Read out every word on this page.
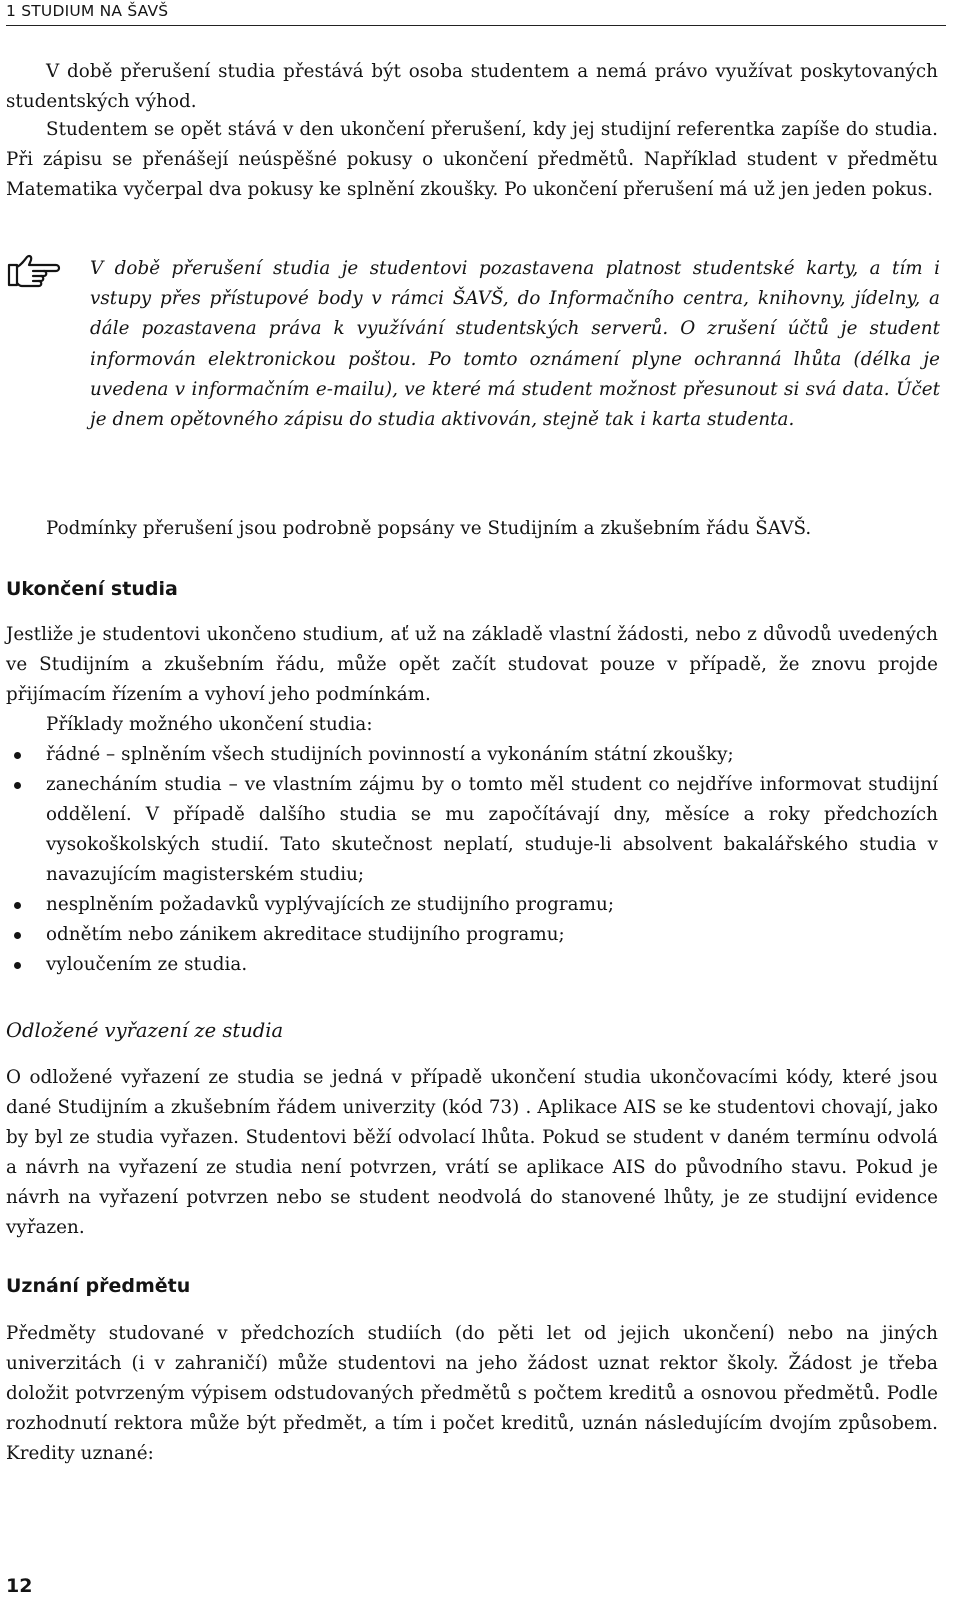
1 STUDIUM NA ŠAVŠ

V době přerušení studia přestává být osoba studentem a nemá právo využívat poskytovaných studentských výhod.

Studentem se opět stává v den ukončení přerušení, kdy jej studijní referentka zapíše do studia. Při zápisu se přenášejí neúspěšné pokusy o ukončení předmětů. Například student v předmětu Matematika vyčerpal dva pokusy ke splnění zkoušky. Po ukončení přerušení má už jen jeden pokus.

V době přerušení studia je studentovi pozastavena platnost studentské karty, a tím i vstupy přes přístupové body v rámci ŠAVŠ, do Informačního centra, knihovny, jídelny, a dále pozastavena práva k využívání studentských serverů. O zrušení účtů je student informován elektronickou poštou. Po tomto oznámení plyne ochranná lhůta (délka je uvedena v informačním e-mailu), ve které má student možnost přesunout si svá data. Účet je dnem opětovného zápisu do studia aktivován, stejně tak i karta studenta.

Podmínky přerušení jsou podrobně popsány ve Studijním a zkušebním řádu ŠAVŠ.

Ukončení studia

Jestliže je studentovi ukončeno studium, ať už na základě vlastní žádosti, nebo z důvodů uvedených ve Studijním a zkušebním řádu, může opět začít studovat pouze v případě, že znovu projde přijímacím řízením a vyhoví jeho podmínkám.

Příklady možného ukončení studia:

řádné – splněním všech studijních povinností a vykonáním státní zkoušky;
zanecháním studia – ve vlastním zájmu by o tomto měl student co nejdříve informovat studijní oddělení. V případě dalšího studia se mu započítávají dny, měsíce a roky předchozích vysokoškolských studií. Tato skutečnost neplatí, studuje-li absolvent bakalářského studia v navazujícím magisterském studiu;
nesplněním požadavků vyplývajících ze studijního programu;
odnětím nebo zánikem akreditace studijního programu;
vyloučením ze studia.
Odložené vyřazení ze studia

O odložené vyřazení ze studia se jedná v případě ukončení studia ukončovacími kódy, které jsou dané Studijním a zkušebním řádem univerzity (kód 73) . Aplikace AIS se ke studentovi chovají, jako by byl ze studia vyřazen. Studentovi běží odvolací lhůta. Pokud se student v daném termínu odvolá a návrh na vyřazení ze studia není potvrzen, vrátí se aplikace AIS do původního stavu. Pokud je návrh na vyřazení potvrzen nebo se student neodvolá do stanovené lhůty, je ze studijní evidence vyřazen.

Uznání předmětu

Předměty studované v předchozích studiích (do pěti let od jejich ukončení) nebo na jiných univerzitách (i v zahraničí) může studentovi na jeho žádost uznat rektor školy. Žádost je třeba doložit potvrzeným výpisem odstudovaných předmětů s počtem kreditů a osnovou předmětů. Podle rozhodnutí rektora může být předmět, a tím i počet kreditů, uznán následujícím dvojím způsobem. Kredity uznané:

12
